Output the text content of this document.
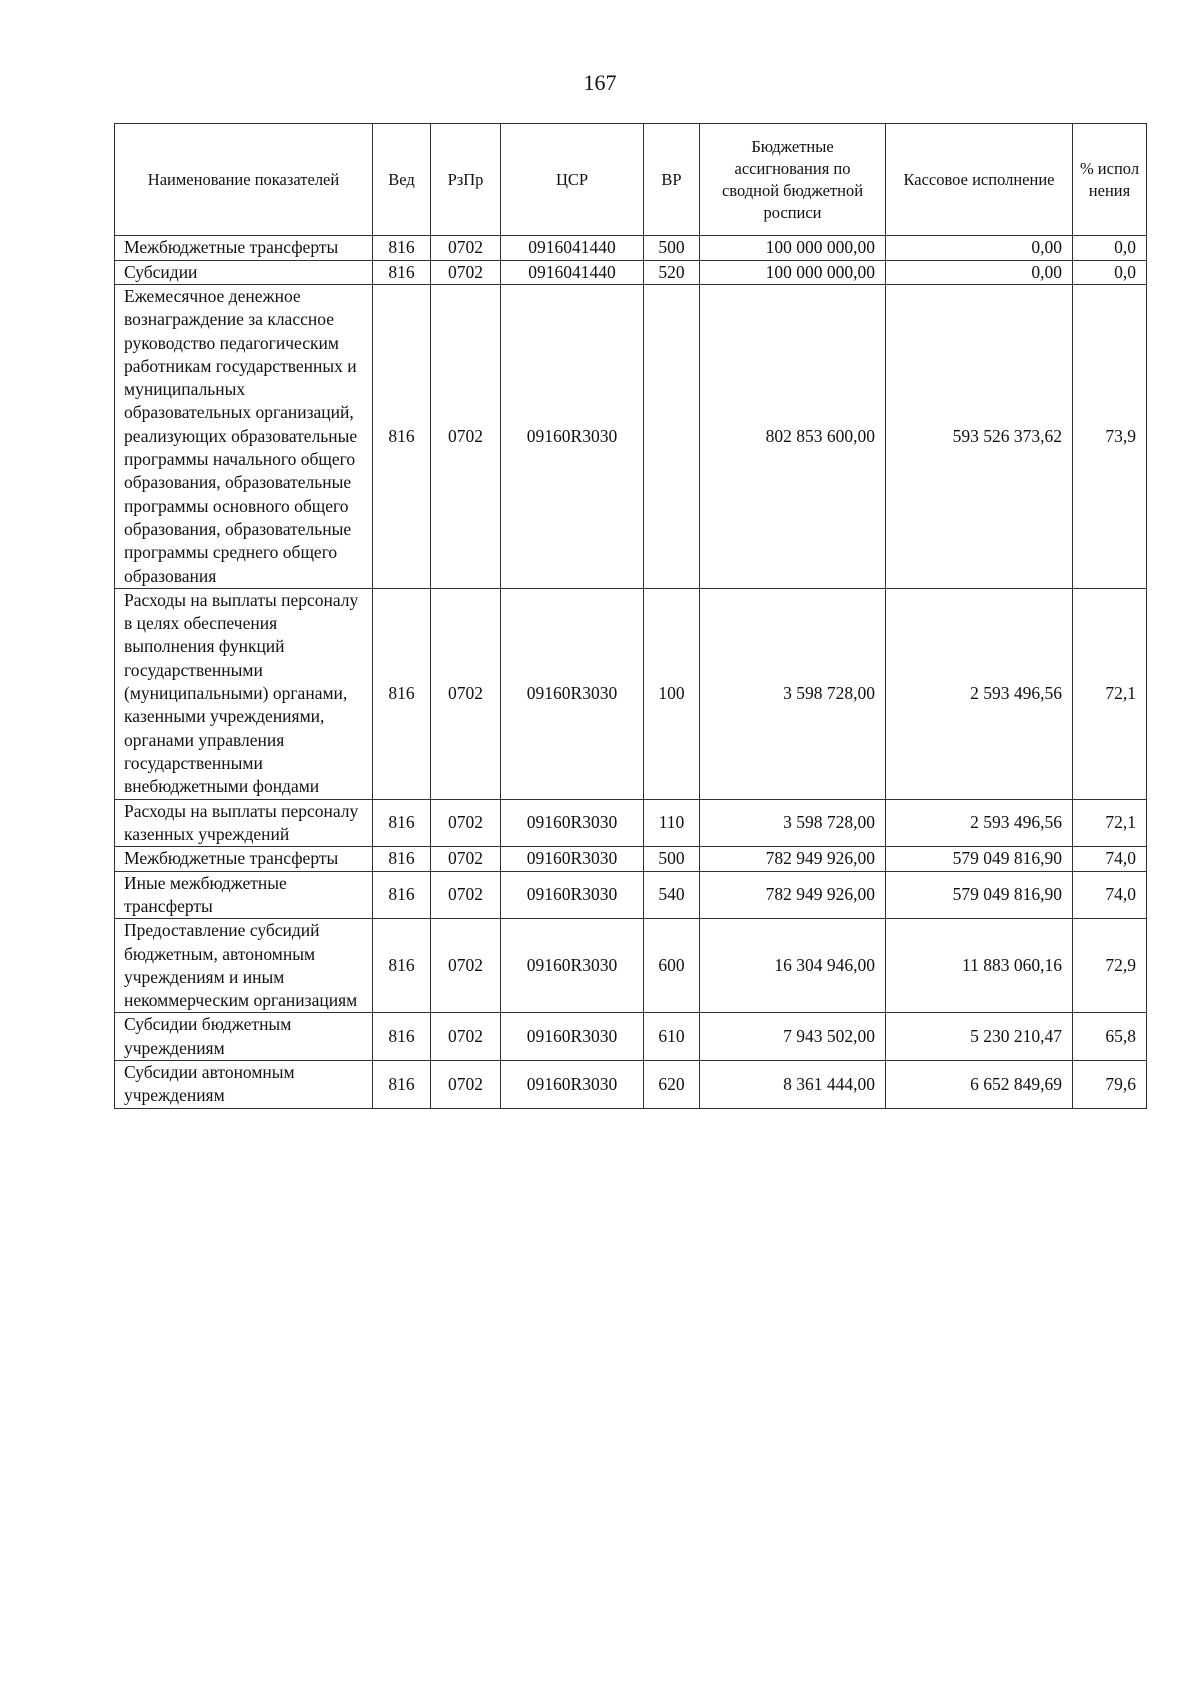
167
Наименование показателей	Вед	РзПр	ЦСР	ВР	Бюджетные ассигнования по сводной бюджетной росписи	Кассовое исполнение	% испол нения
Межбюджетные трансферты	816	0702	0916041440	500	100 000 000,00	0,00	0,0
Субсидии	816	0702	0916041440	520	100 000 000,00	0,00	0,0
Ежемесячное денежное вознаграждение за классное руководство педагогическим работникам государственных и муниципальных образовательных организаций, реализующих образовательные программы начального общего образования, образовательные программы основного общего образования, образовательные программы среднего общего образования	816	0702	09160R3030		802 853 600,00	593 526 373,62	73,9
Расходы на выплаты персоналу в целях обеспечения выполнения функций государственными (муниципальными) органами, казенными учреждениями, органами управления государственными внебюджетными фондами	816	0702	09160R3030	100	3 598 728,00	2 593 496,56	72,1
Расходы на выплаты персоналу казенных учреждений	816	0702	09160R3030	110	3 598 728,00	2 593 496,56	72,1
Межбюджетные трансферты	816	0702	09160R3030	500	782 949 926,00	579 049 816,90	74,0
Иные межбюджетные трансферты	816	0702	09160R3030	540	782 949 926,00	579 049 816,90	74,0
Предоставление субсидий бюджетным, автономным учреждениям и иным некоммерческим организациям	816	0702	09160R3030	600	16 304 946,00	11 883 060,16	72,9
Субсидии бюджетным учреждениям	816	0702	09160R3030	610	7 943 502,00	5 230 210,47	65,8
Субсидии автономным учреждениям	816	0702	09160R3030	620	8 361 444,00	6 652 849,69	79,6
